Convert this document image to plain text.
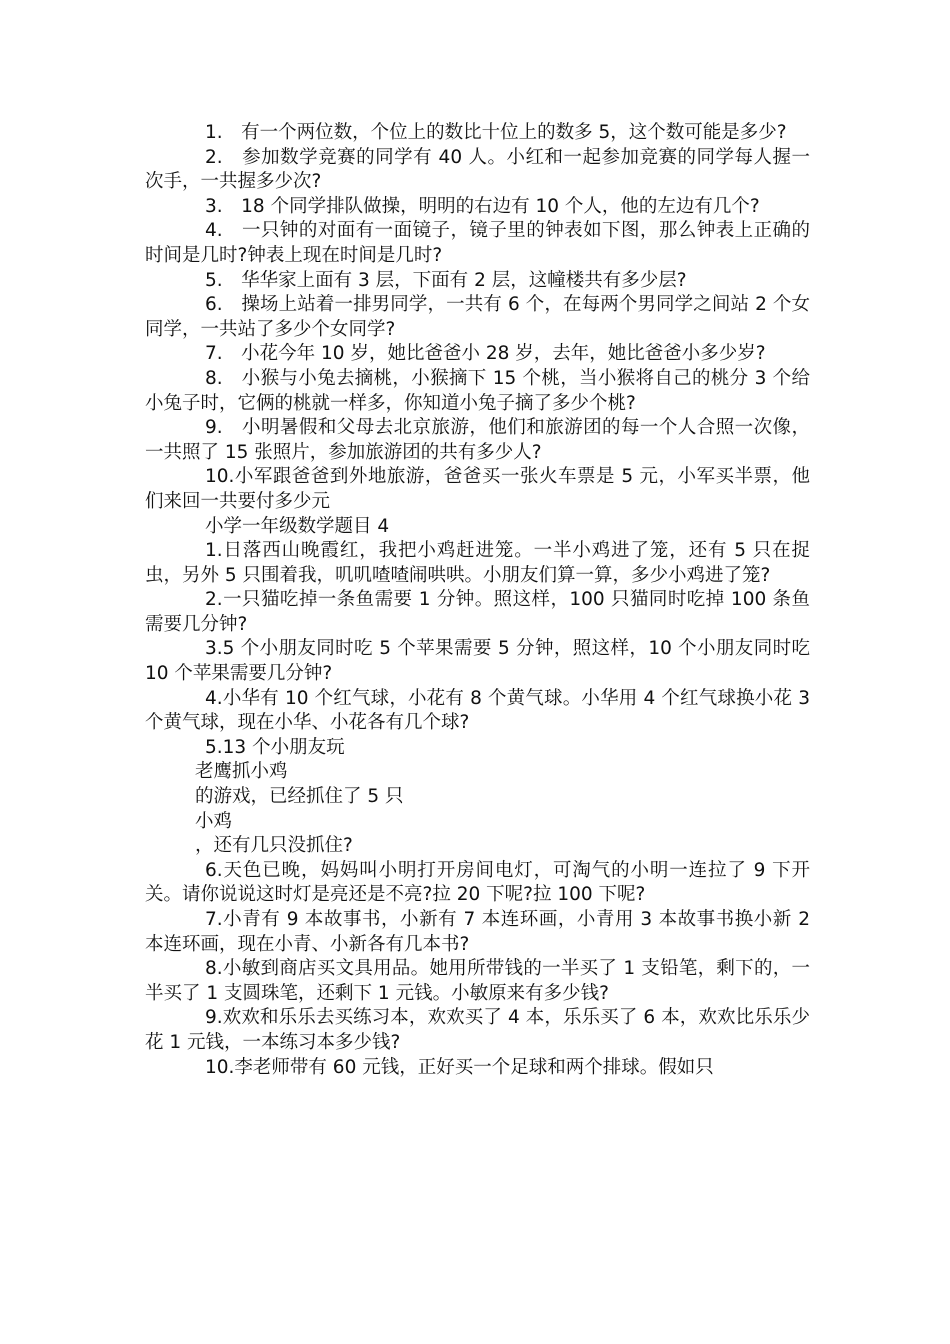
1.　有一个两位数，个位上的数比十位上的数多 5，这个数可能是多少?

2.　参加数学竞赛的同学有 40 人。小红和一起参加竞赛的同学每人握一次手，一共握多少次?

3.　18 个同学排队做操，明明的右边有 10 个人，他的左边有几个?

4.　一只钟的对面有一面镜子，镜子里的钟表如下图，那么钟表上正确的时间是几时?钟表上现在时间是几时?

5.　华华家上面有 3 层，下面有 2 层，这幢楼共有多少层?

6.　操场上站着一排男同学，一共有 6 个，在每两个男同学之间站 2 个女同学，一共站了多少个女同学?

7.　小花今年 10 岁，她比爸爸小 28 岁，去年，她比爸爸小多少岁?

8.　小猴与小兔去摘桃，小猴摘下 15 个桃，当小猴将自己的桃分 3 个给小兔子时，它俩的桃就一样多，你知道小兔子摘了多少个桃?

9.　小明暑假和父母去北京旅游，他们和旅游团的每一个人合照一次像，一共照了 15 张照片，参加旅游团的共有多少人?

10.小军跟爸爸到外地旅游，爸爸买一张火车票是 5 元，小军买半票，他们来回一共要付多少元

小学一年级数学题目 4

1.日落西山晚霞红，我把小鸡赶进笼。一半小鸡进了笼，还有 5 只在捉虫，另外 5 只围着我，叽叽喳喳闹哄哄。小朋友们算一算，多少小鸡进了笼?

2.一只猫吃掉一条鱼需要 1 分钟。照这样，100 只猫同时吃掉 100 条鱼需要几分钟?

3.5 个小朋友同时吃 5 个苹果需要 5 分钟，照这样，10 个小朋友同时吃 10 个苹果需要几分钟?

4.小华有 10 个红气球，小花有 8 个黄气球。小华用 4 个红气球换小花 3 个黄气球，现在小华、小花各有几个球?

5.13 个小朋友玩

老鹰抓小鸡

的游戏，已经抓住了 5 只

小鸡

，还有几只没抓住?

6.天色已晚，妈妈叫小明打开房间电灯，可淘气的小明一连拉了 9 下开关。请你说说这时灯是亮还是不亮?拉 20 下呢?拉 100 下呢?

7.小青有 9 本故事书，小新有 7 本连环画，小青用 3 本故事书换小新 2 本连环画，现在小青、小新各有几本书?

8.小敏到商店买文具用品。她用所带钱的一半买了 1 支铅笔，剩下的，一半买了 1 支圆珠笔，还剩下 1 元钱。小敏原来有多少钱?

9.欢欢和乐乐去买练习本，欢欢买了 4 本，乐乐买了 6 本，欢欢比乐乐少花 1 元钱，一本练习本多少钱?

10.李老师带有 60 元钱，正好买一个足球和两个排球。假如只
